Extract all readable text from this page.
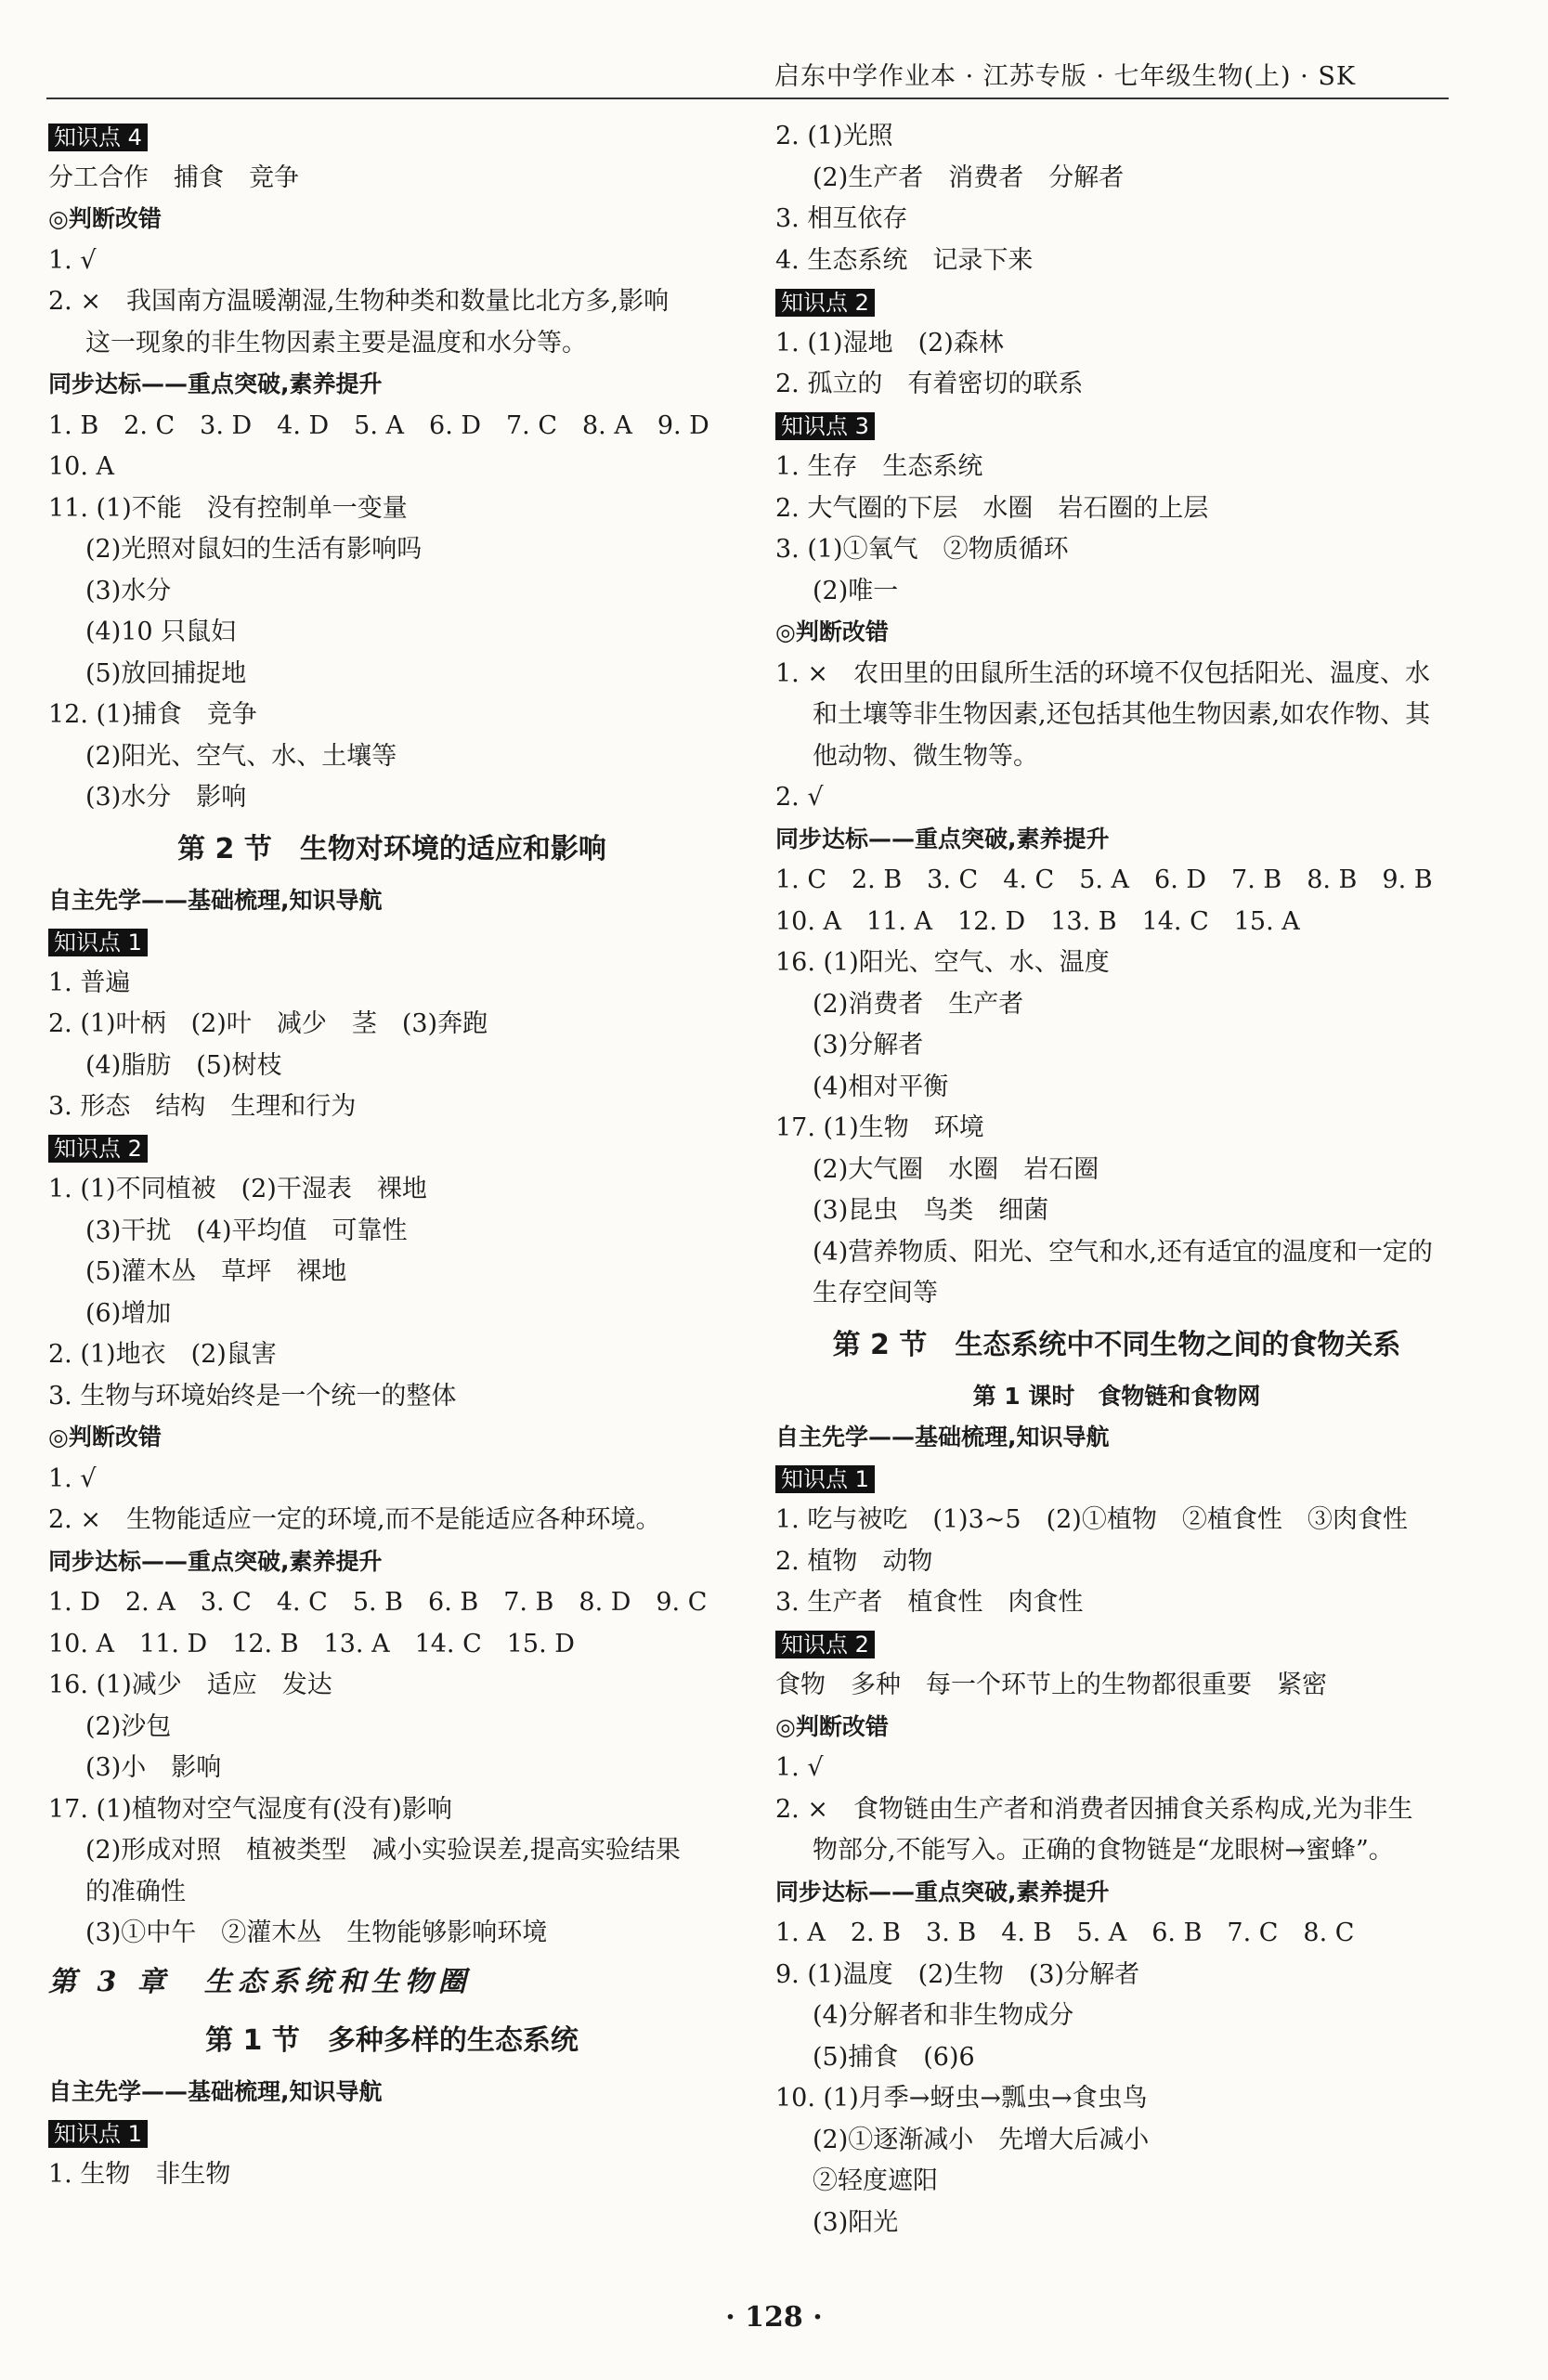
启东中学作业本 · 江苏专版 · 七年级生物(上) · SK
知识点 4
分工合作　捕食　竞争
◎判断改错
1. √
2. ×　我国南方温暖潮湿,生物种类和数量比北方多,影响
这一现象的非生物因素主要是温度和水分等。
同步达标——重点突破,素养提升
1. B　2. C　3. D　4. D　5. A　6. D　7. C　8. A　9. D
10. A
11. (1)不能　没有控制单一变量
(2)光照对鼠妇的生活有影响吗
(3)水分
(4)10 只鼠妇
(5)放回捕捉地
12. (1)捕食　竞争
(2)阳光、空气、水、土壤等
(3)水分　影响
第 2 节　生物对环境的适应和影响
自主先学——基础梳理,知识导航
知识点 1
1. 普遍
2. (1)叶柄　(2)叶　减少　茎　(3)奔跑
(4)脂肪　(5)树枝
3. 形态　结构　生理和行为
知识点 2
1. (1)不同植被　(2)干湿表　裸地
(3)干扰　(4)平均值　可靠性
(5)灌木丛　草坪　裸地
(6)增加
2. (1)地衣　(2)鼠害
3. 生物与环境始终是一个统一的整体
◎判断改错
1. √
2. ×　生物能适应一定的环境,而不是能适应各种环境。
同步达标——重点突破,素养提升
1. D　2. A　3. C　4. C　5. B　6. B　7. B　8. D　9. C
10. A　11. D　12. B　13. A　14. C　15. D
16. (1)减少　适应　发达
(2)沙包
(3)小　影响
17. (1)植物对空气湿度有(没有)影响
(2)形成对照　植被类型　减小实验误差,提高实验结果
的准确性
(3)①中午　②灌木丛　生物能够影响环境
第 3 章　生态系统和生物圈
第 1 节　多种多样的生态系统
自主先学——基础梳理,知识导航
知识点 1
1. 生物　非生物
2. (1)光照
(2)生产者　消费者　分解者
3. 相互依存
4. 生态系统　记录下来
知识点 2
1. (1)湿地　(2)森林
2. 孤立的　有着密切的联系
知识点 3
1. 生存　生态系统
2. 大气圈的下层　水圈　岩石圈的上层
3. (1)①氧气　②物质循环
(2)唯一
◎判断改错
1. ×　农田里的田鼠所生活的环境不仅包括阳光、温度、水
和土壤等非生物因素,还包括其他生物因素,如农作物、其
他动物、微生物等。
2. √
同步达标——重点突破,素养提升
1. C　2. B　3. C　4. C　5. A　6. D　7. B　8. B　9. B
10. A　11. A　12. D　13. B　14. C　15. A
16. (1)阳光、空气、水、温度
(2)消费者　生产者
(3)分解者
(4)相对平衡
17. (1)生物　环境
(2)大气圈　水圈　岩石圈
(3)昆虫　鸟类　细菌
(4)营养物质、阳光、空气和水,还有适宜的温度和一定的
生存空间等
第 2 节　生态系统中不同生物之间的食物关系
第 1 课时　食物链和食物网
自主先学——基础梳理,知识导航
知识点 1
1. 吃与被吃　(1)3~5　(2)①植物　②植食性　③肉食性
2. 植物　动物
3. 生产者　植食性　肉食性
知识点 2
食物　多种　每一个环节上的生物都很重要　紧密
◎判断改错
1. √
2. ×　食物链由生产者和消费者因捕食关系构成,光为非生
物部分,不能写入。正确的食物链是“龙眼树→蜜蜂”。
同步达标——重点突破,素养提升
1. A　2. B　3. B　4. B　5. A　6. B　7. C　8. C
9. (1)温度　(2)生物　(3)分解者
(4)分解者和非生物成分
(5)捕食　(6)6
10. (1)月季→蚜虫→瓢虫→食虫鸟
(2)①逐渐减小　先增大后减小
②轻度遮阳
(3)阳光
· 128 ·
